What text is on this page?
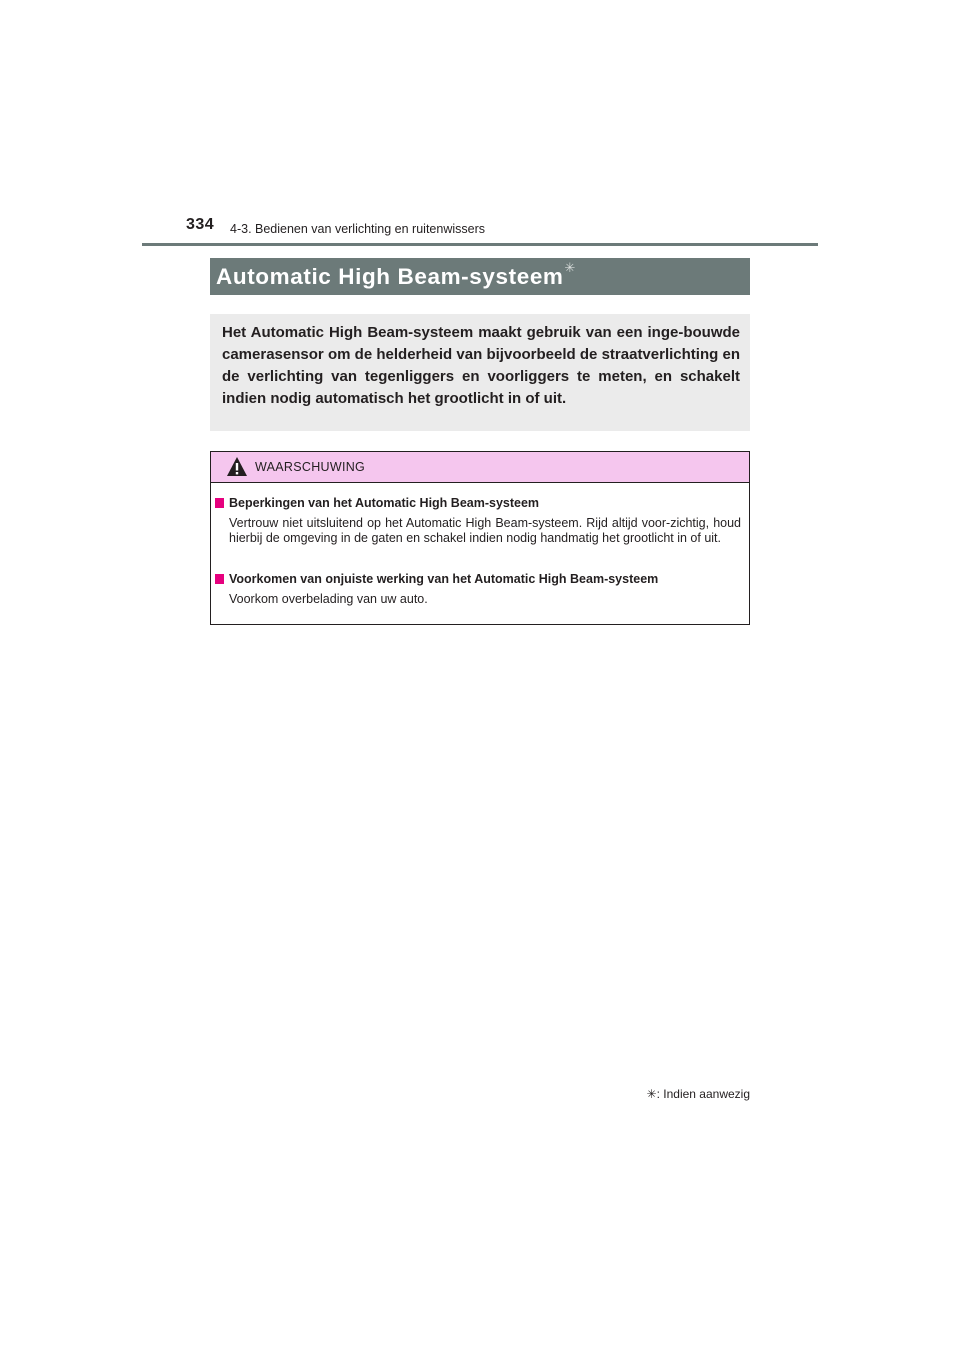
334 4-3. Bedienen van verlichting en ruitenwissers
Automatic High Beam-systeem ✳

Het Automatic High Beam-systeem maakt gebruik van een inge-bouwde camerasensor om de helderheid van bijvoorbeeld de straatverlichting en de verlichting van tegenliggers en voorliggers te meten, en schakelt indien nodig automatisch het grootlicht in of uit.

WAARSCHUWING
Beperkingen van het Automatic High Beam-systeem

Vertrouw niet uitsluitend op het Automatic High Beam-systeem. Rijd altijd voor-zichtig, houd hierbij de omgeving in de gaten en schakel indien nodig handmatig het grootlicht in of uit.

Voorkomen van onjuiste werking van het Automatic High Beam-systeem

Voorkom overbelading van uw auto.

✳: Indien aanwezig
